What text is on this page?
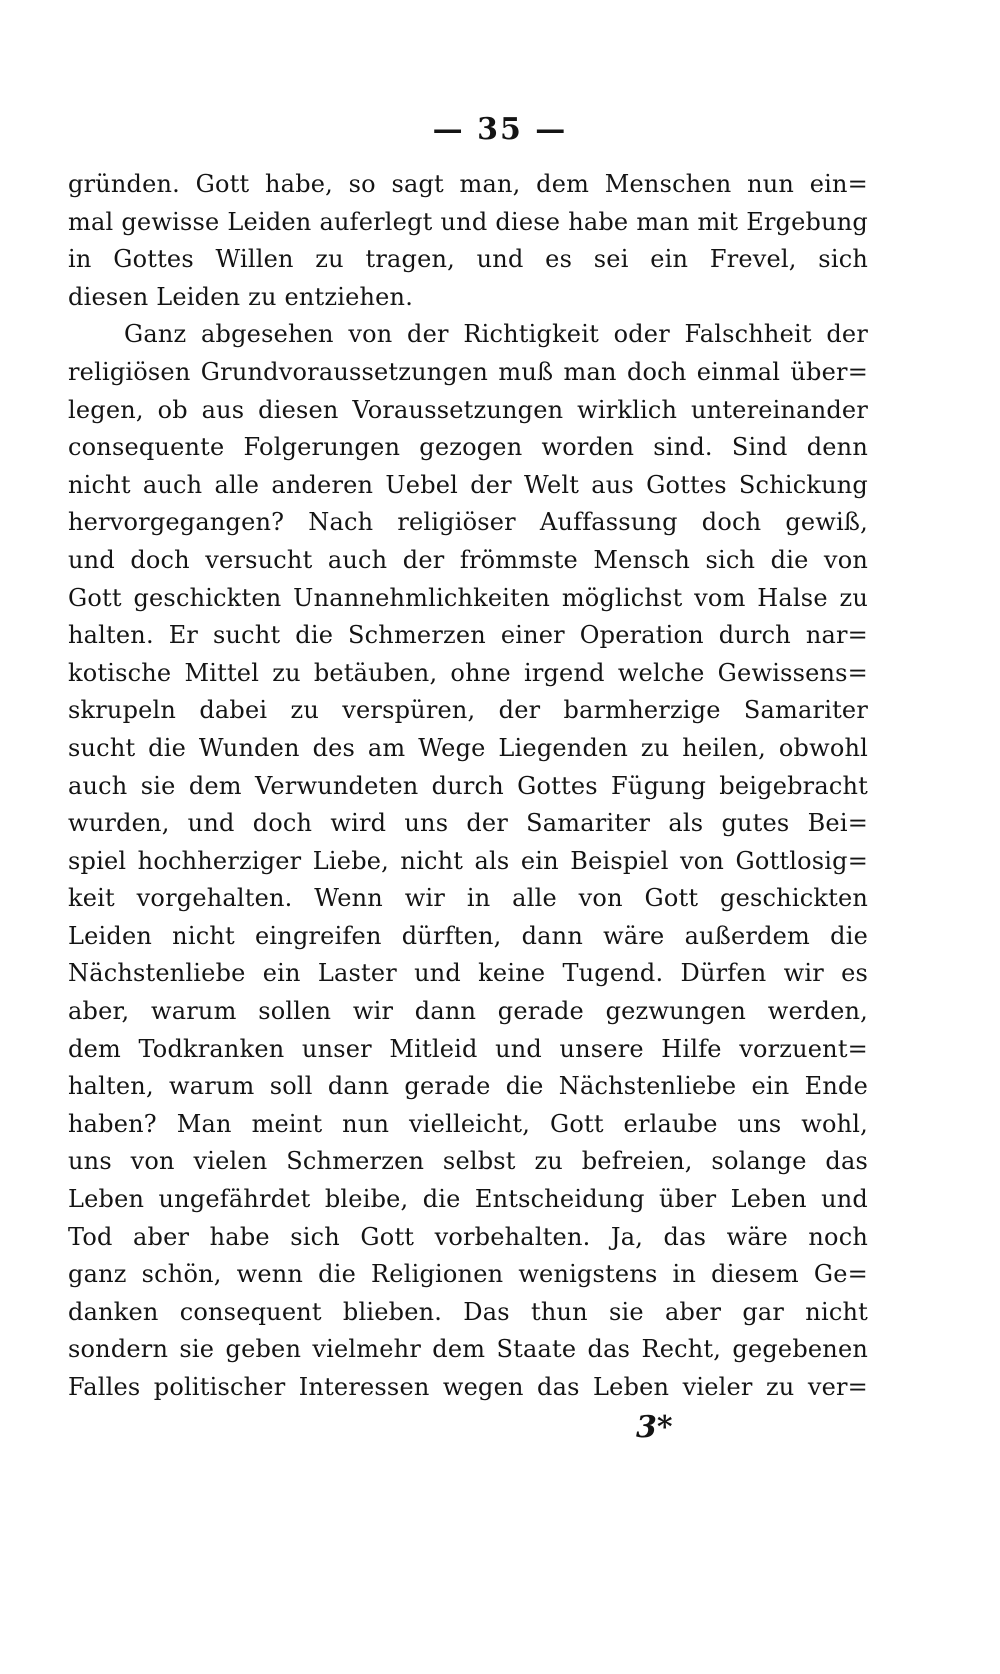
— 35 —
gründen. Gott habe, so sagt man, dem Menschen nun ein=
mal gewisse Leiden auferlegt und diese habe man mit Ergebung
in Gottes Willen zu tragen, und es sei ein Frevel, sich
diesen Leiden zu entziehen.
Ganz abgesehen von der Richtigkeit oder Falschheit der
religiösen Grundvoraussetzungen muß man doch einmal über=
legen, ob aus diesen Voraussetzungen wirklich untereinander
consequente Folgerungen gezogen worden sind. Sind denn
nicht auch alle anderen Uebel der Welt aus Gottes Schickung
hervorgegangen? Nach religiöser Auffassung doch gewiß,
und doch versucht auch der frömmste Mensch sich die von
Gott geschickten Unannehmlichkeiten möglichst vom Halse zu
halten. Er sucht die Schmerzen einer Operation durch nar=
kotische Mittel zu betäuben, ohne irgend welche Gewissens=
skrupeln dabei zu verspüren, der barmherzige Samariter
sucht die Wunden des am Wege Liegenden zu heilen, obwohl
auch sie dem Verwundeten durch Gottes Fügung beigebracht
wurden, und doch wird uns der Samariter als gutes Bei=
spiel hochherziger Liebe, nicht als ein Beispiel von Gottlosig=
keit vorgehalten. Wenn wir in alle von Gott geschickten
Leiden nicht eingreifen dürften, dann wäre außerdem die
Nächstenliebe ein Laster und keine Tugend. Dürfen wir es
aber, warum sollen wir dann gerade gezwungen werden,
dem Todkranken unser Mitleid und unsere Hilfe vorzuent=
halten, warum soll dann gerade die Nächstenliebe ein Ende
haben? Man meint nun vielleicht, Gott erlaube uns wohl,
uns von vielen Schmerzen selbst zu befreien, solange das
Leben ungefährdet bleibe, die Entscheidung über Leben und
Tod aber habe sich Gott vorbehalten. Ja, das wäre noch
ganz schön, wenn die Religionen wenigstens in diesem Ge=
danken consequent blieben. Das thun sie aber gar nicht
sondern sie geben vielmehr dem Staate das Recht, gegebenen
Falles politischer Interessen wegen das Leben vieler zu ver=
3*
